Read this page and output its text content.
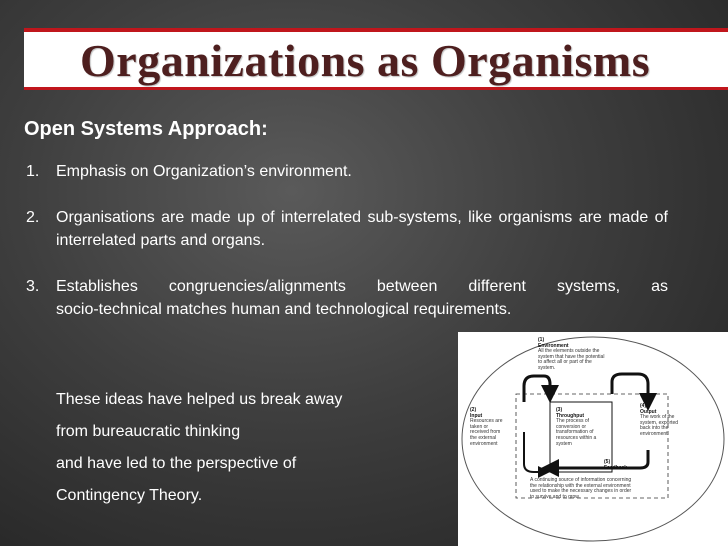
Organizations as Organisms
Open Systems Approach:
1. Emphasis on Organization’s environment.
2. Organisations are made up of interrelated sub-systems, like organisms are made of interrelated parts and organs.
3. Establishes congruencies/alignments between different systems, as
socio-technical matches human and technological requirements.
These ideas have helped us break away
from bureaucratic thinking
and have led to the perspective of
Contingency Theory.
(1)
Environment
All the elements outside the
system that have the potential
to affect all or part of the
system.
(2)
Input
Resources are
taken or
received from
the external
environment
(3)
Throughput
The process of
conversion or
transformation of
resources within a
system
(4)
Output
The work of the
system, exported
back into the
environment
(5)
Feedback
A continuing source of information concerning
the relationship with the external environment
used to make the necessary changes in order
to survive and to grow.
